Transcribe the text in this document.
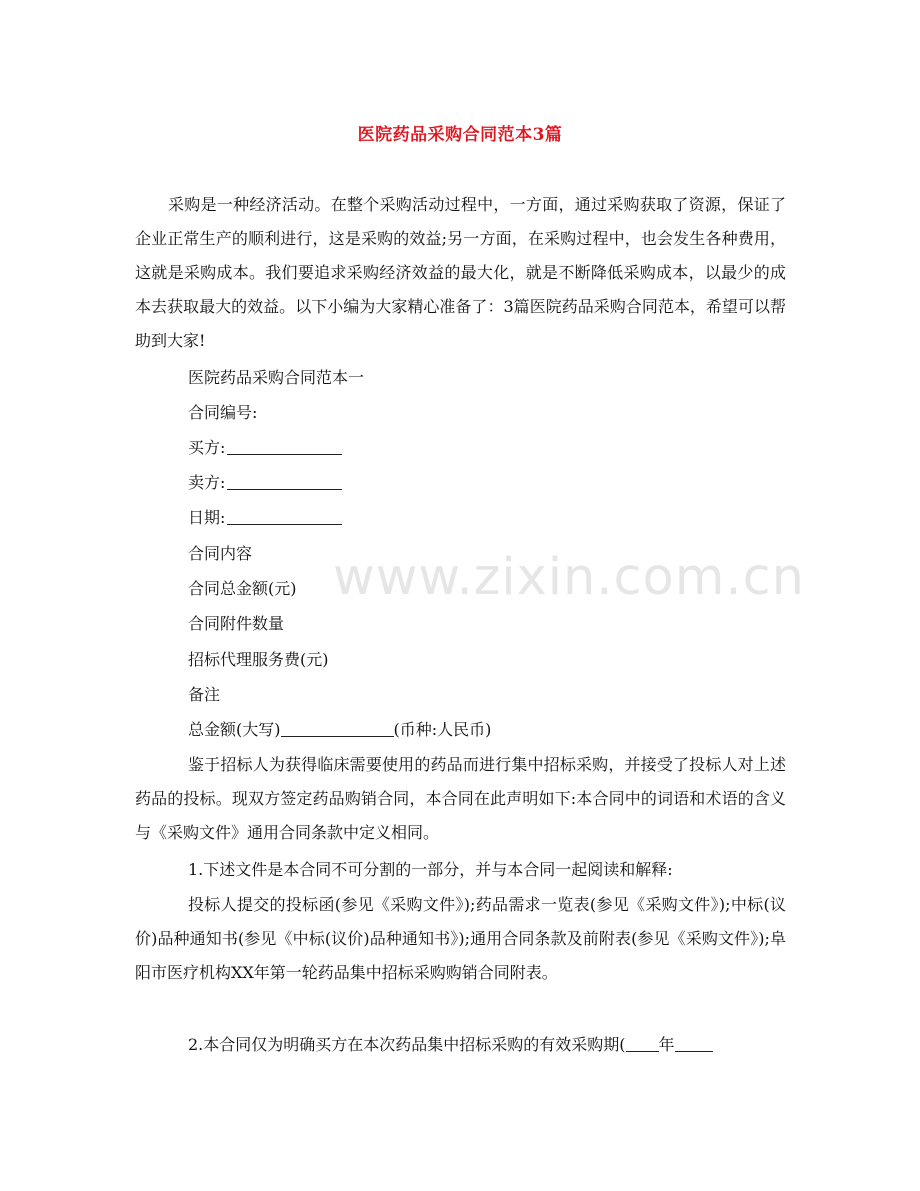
www.zixin.com.cn
医院药品采购合同范本3篇
采购是一种经济活动。在整个采购活动过程中，一方面，通过采购获取了资源，保证了企业正常生产的顺利进行，这是采购的效益;另一方面，在采购过程中，也会发生各种费用，这就是采购成本。我们要追求采购经济效益的最大化，就是不断降低采购成本，以最少的成本去获取最大的效益。以下小编为大家精心准备了：3篇医院药品采购合同范本，希望可以帮助到大家!
医院药品采购合同范本一
合同编号:
买方:
卖方:
日期:
合同内容
合同总金额(元)
合同附件数量
招标代理服务费(元)
备注
总金额(大写)	(币种:人民币)
鉴于招标人为获得临床需要使用的药品而进行集中招标采购，并接受了投标人对上述药品的投标。现双方签定药品购销合同，本合同在此声明如下:本合同中的词语和术语的含义与《采购文件》通用合同条款中定义相同。
1.下述文件是本合同不可分割的一部分，并与本合同一起阅读和解释:
投标人提交的投标函(参见《采购文件》);药品需求一览表(参见《采购文件》);中标(议价)品种通知书(参见《中标(议价)品种通知书》);通用合同条款及前附表(参见《采购文件》);阜阳市医疗机构XX年第一轮药品集中招标采购购销合同附表。
2.本合同仅为明确买方在本次药品集中招标采购的有效采购期( 年
